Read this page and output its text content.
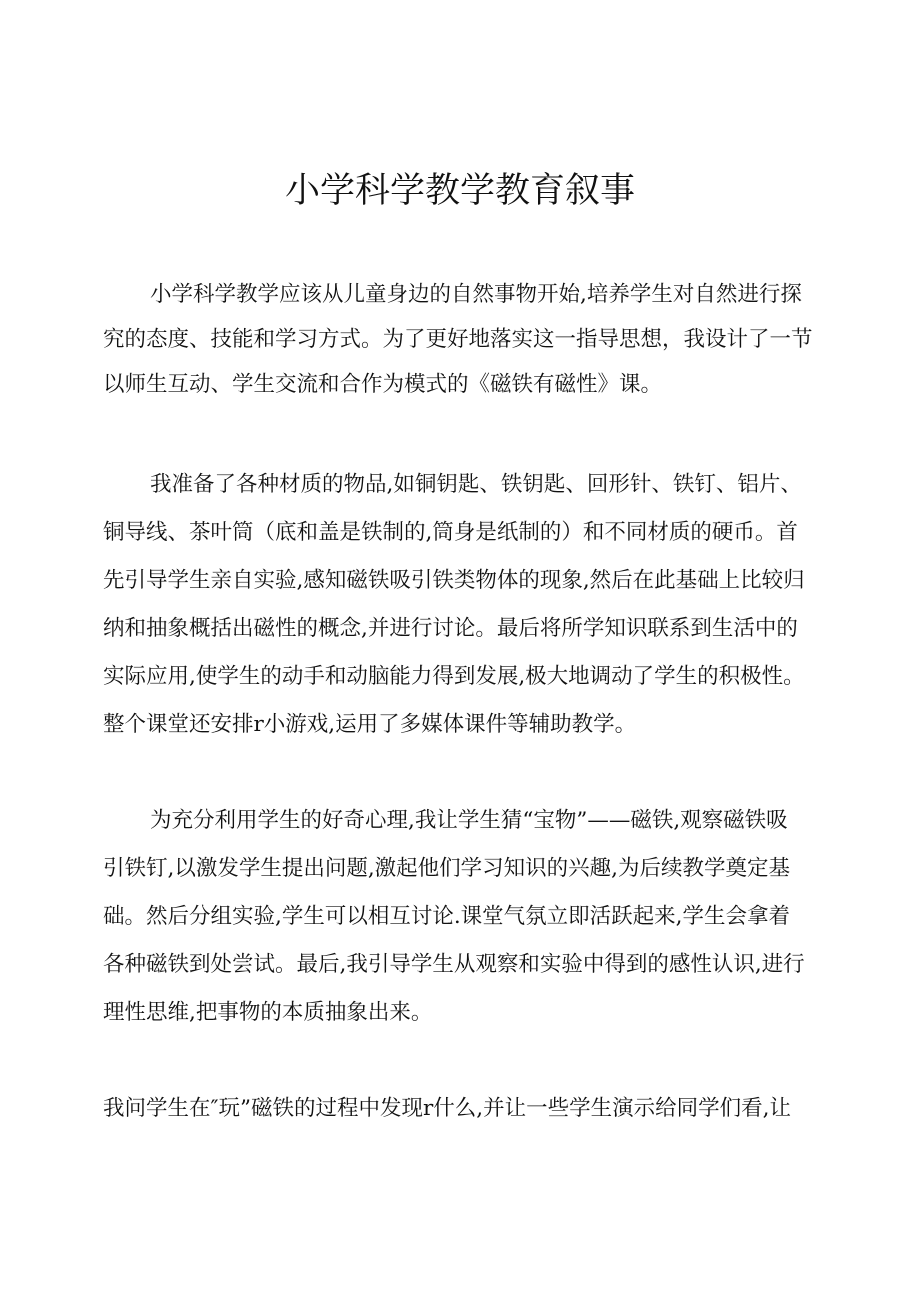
小学科学教学教育叙事
小学科学教学应该从儿童身边的自然事物开始,培养学生对自然进行探
究的态度、技能和学习方式。为了更好地落实这一指导思想，我设计了一节
以师生互动、学生交流和合作为模式的《磁铁有磁性》课。
我准备了各种材质的物品,如铜钥匙、铁钥匙、回形针、铁钉、铝片、
铜导线、茶叶筒（底和盖是铁制的,筒身是纸制的）和不同材质的硬币。首
先引导学生亲自实验,感知磁铁吸引铁类物体的现象,然后在此基础上比较归
纳和抽象概括出磁性的概念,并进行讨论。最后将所学知识联系到生活中的
实际应用,使学生的动手和动脑能力得到发展,极大地调动了学生的积极性。
整个课堂还安排r小游戏,运用了多媒体课件等辅助教学。
为充分利用学生的好奇心理,我让学生猜“宝物”——磁铁,观察磁铁吸
引铁钉,以激发学生提出问题,激起他们学习知识的兴趣,为后续教学奠定基
础。然后分组实验,学生可以相互讨论.课堂气氛立即活跃起来,学生会拿着
各种磁铁到处尝试。最后,我引导学生从观察和实验中得到的感性认识,进行
理性思维,把事物的本质抽象出来。
我问学生在″玩”磁铁的过程中发现r什么,并让一些学生演示给同学们看,让
